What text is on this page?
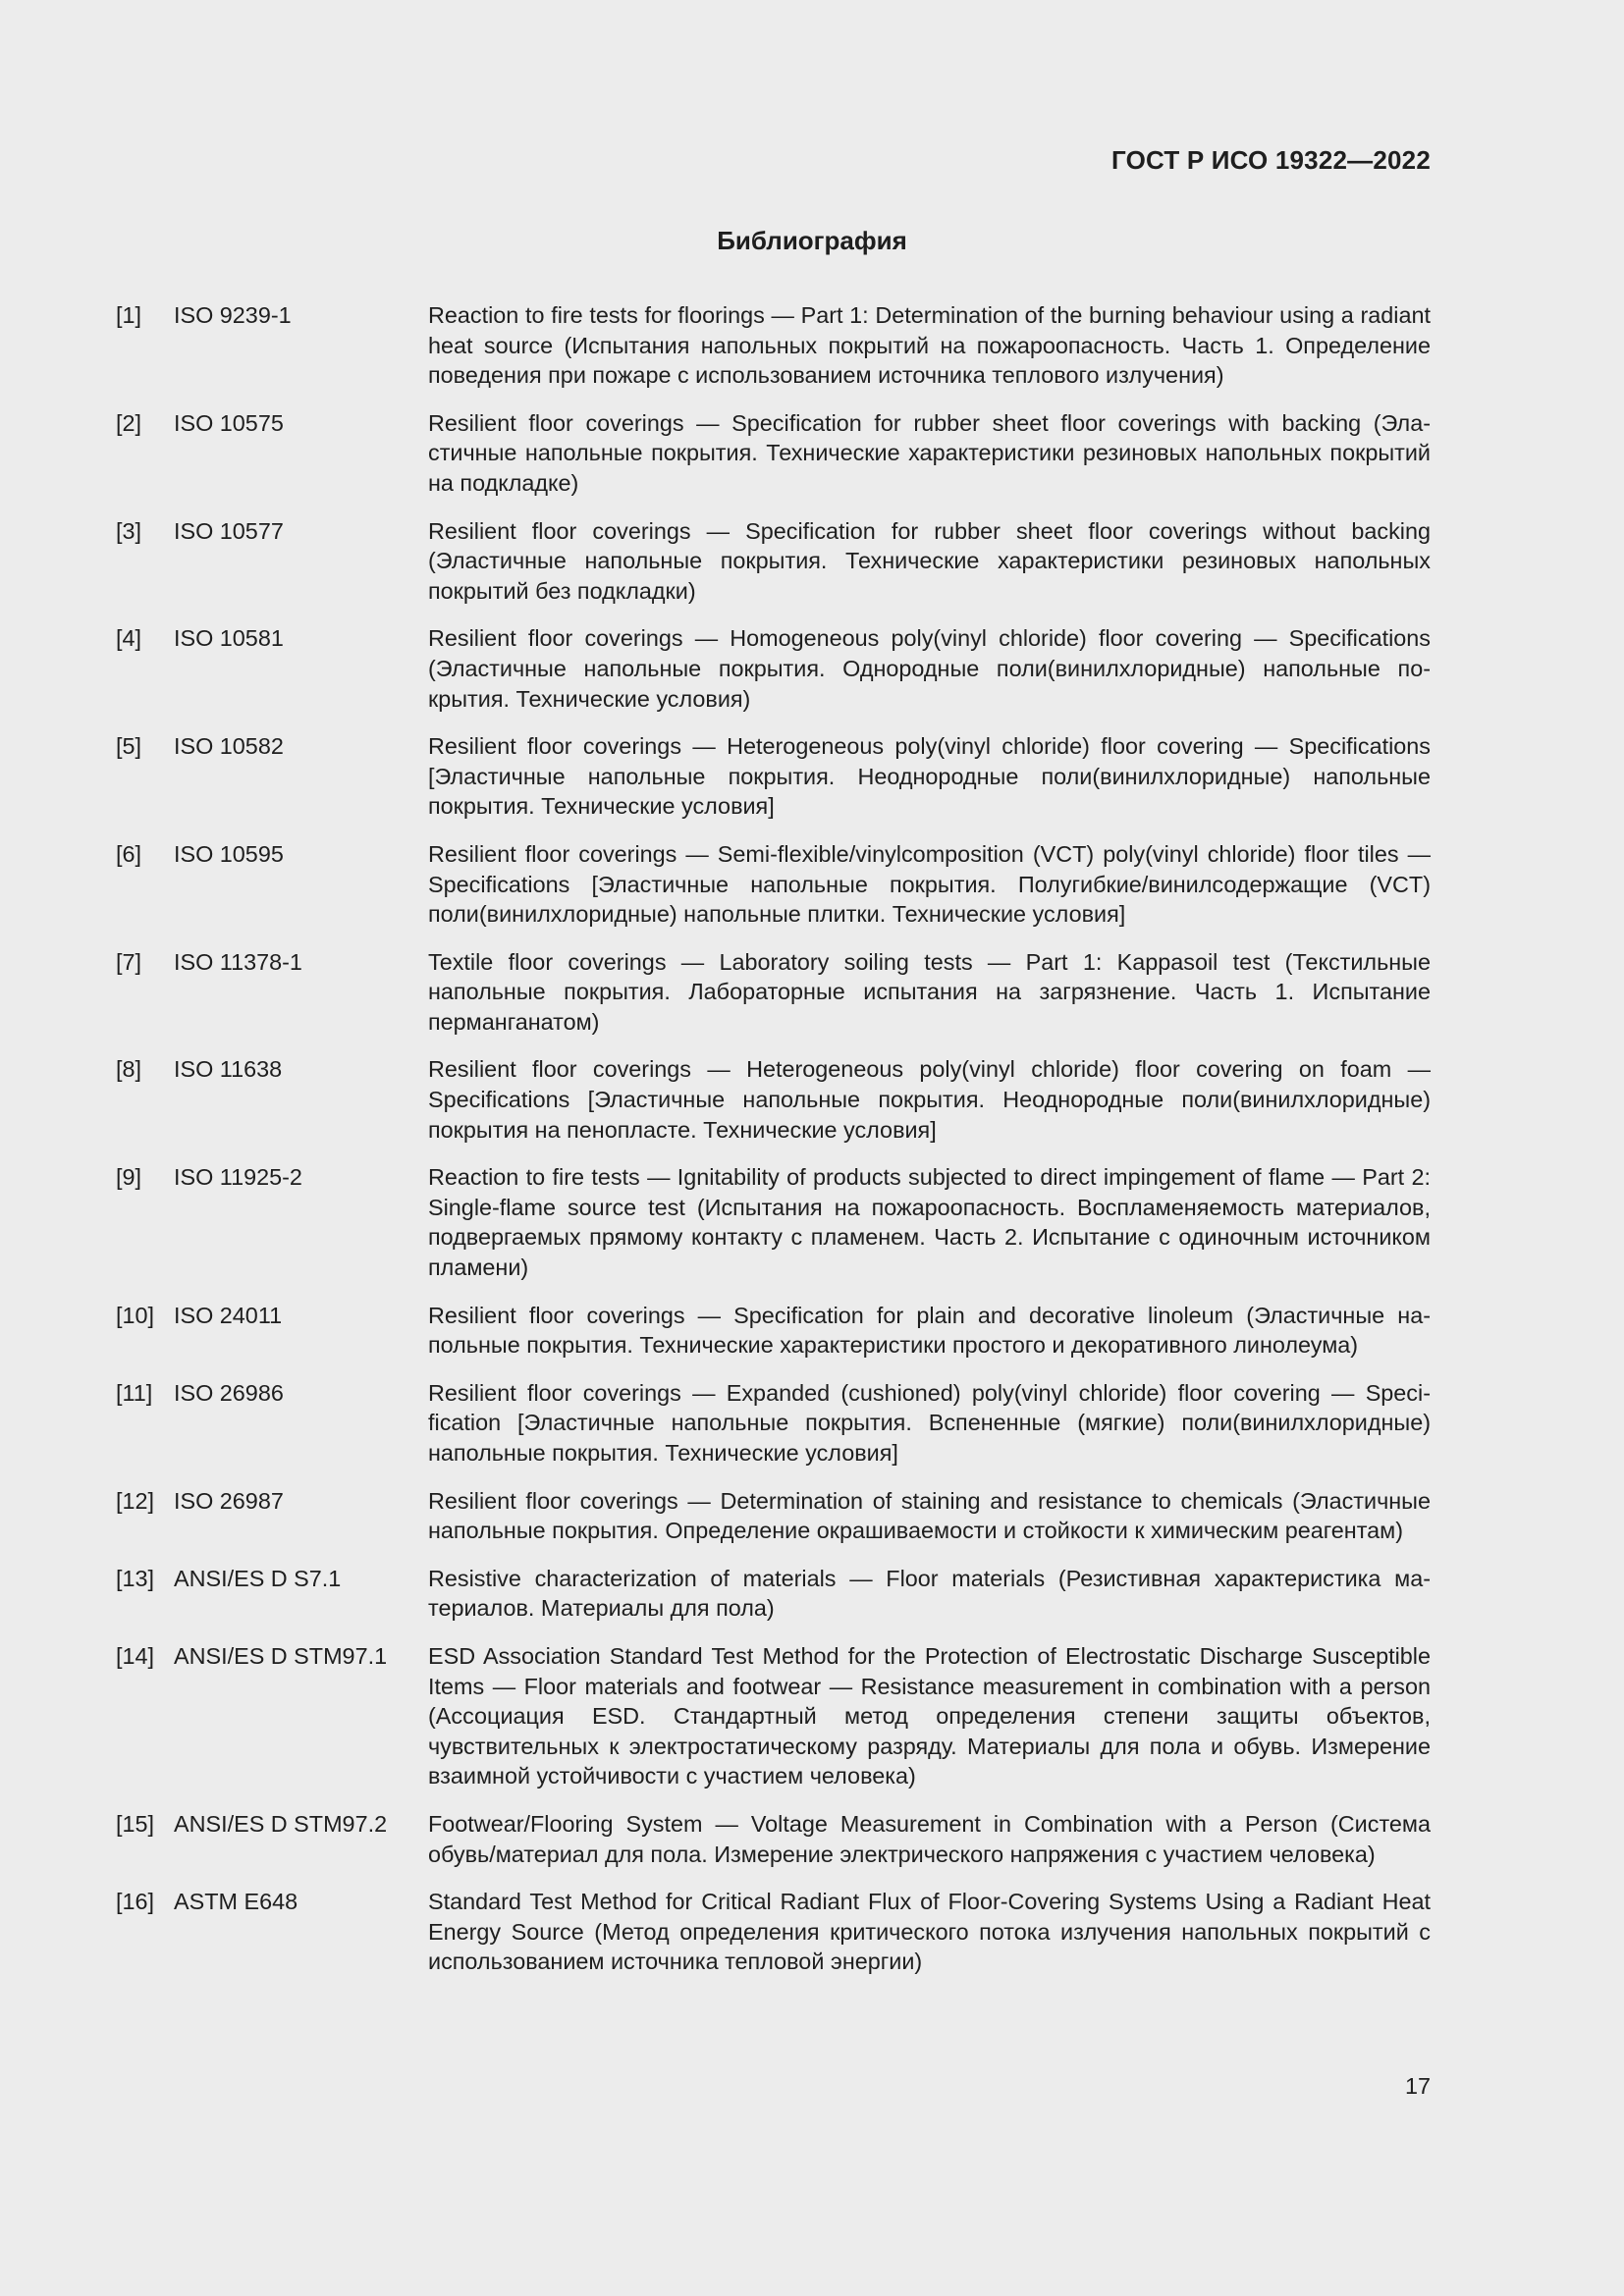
ГОСТ Р ИСО 19322—2022
Библиография
[1]	ISO 9239-1	Reaction to fire tests for floorings — Part 1: Determination of the burning behaviour using a radiant heat source (Испытания напольных покрытий на пожароопасность. Часть 1. Определение поведения при пожаре с использованием источника теплового излучения)
[2]	ISO 10575	Resilient floor coverings — Specification for rubber sheet floor coverings with backing (Эластичные напольные покрытия. Технические характеристики резиновых напольных покрытий на подкладке)
[3]	ISO 10577	Resilient floor coverings — Specification for rubber sheet floor coverings without backing (Эластичные напольные покрытия. Технические характеристики резиновых напольных покрытий без подкладки)
[4]	ISO 10581	Resilient floor coverings — Homogeneous poly(vinyl chloride) floor covering — Specifications (Эластичные напольные покрытия. Однородные поли(винилхлоридные) напольные покрытия. Технические условия)
[5]	ISO 10582	Resilient floor coverings — Heterogeneous poly(vinyl chloride) floor covering — Specifications [Эластичные напольные покрытия. Неоднородные поли(винилхлоридные) напольные покрытия. Технические условия]
[6]	ISO 10595	Resilient floor coverings — Semi-flexible/vinylcomposition (VCT) poly(vinyl chloride) floor tiles — Specifications [Эластичные напольные покрытия. Полугибкие/винилсодержащие (VCT) поли(винилхлоридные) напольные плитки. Технические условия]
[7]	ISO 11378-1	Textile floor coverings — Laboratory soiling tests — Part 1: Kappasoil test (Текстильные напольные покрытия. Лабораторные испытания на загрязнение. Часть 1. Испытание перманганатом)
[8]	ISO 11638	Resilient floor coverings — Heterogeneous poly(vinyl chloride) floor covering on foam — Specifications [Эластичные напольные покрытия. Неоднородные поли(винилхлоридные) покрытия на пенопласте. Технические условия]
[9]	ISO 11925-2	Reaction to fire tests — Ignitability of products subjected to direct impingement of flame — Part 2: Single-flame source test (Испытания на пожароопасность. Воспламеняемость материалов, подвергаемых прямому контакту с пламенем. Часть 2. Испытание с одиночным источником пламени)
[10] ISO 24011	Resilient floor coverings — Specification for plain and decorative linoleum (Эластичные напольные покрытия. Технические характеристики простого и декоративного линолеума)
[11] ISO 26986	Resilient floor coverings — Expanded (cushioned) poly(vinyl chloride) floor covering — Specification [Эластичные напольные покрытия. Вспененные (мягкие) поли(винилхлоридные) напольные покрытия. Технические условия]
[12] ISO 26987	Resilient floor coverings — Determination of staining and resistance to chemicals (Эластичные напольные покрытия. Определение окрашиваемости и стойкости к химическим реагентам)
[13] ANSI/ES D S7.1	Resistive characterization of materials — Floor materials (Резистивная характеристика материалов. Материалы для пола)
[14] ANSI/ES D STM97.1	ESD Association Standard Test Method for the Protection of Electrostatic Discharge Susceptible Items — Floor materials and footwear — Resistance measurement in combination with a person (Ассоциация ESD. Стандартный метод определения степени защиты объектов, чувствительных к электростатическому разряду. Материалы для пола и обувь. Измерение взаимной устойчивости с участием человека)
[15] ANSI/ES D STM97.2	Footwear/Flooring System — Voltage Measurement in Combination with a Person (Система обувь/материал для пола. Измерение электрического напряжения с участием человека)
[16] ASTM E648	Standard Test Method for Critical Radiant Flux of Floor-Covering Systems Using a Radiant Heat Energy Source (Метод определения критического потока излучения напольных покрытий с использованием источника тепловой энергии)
17
